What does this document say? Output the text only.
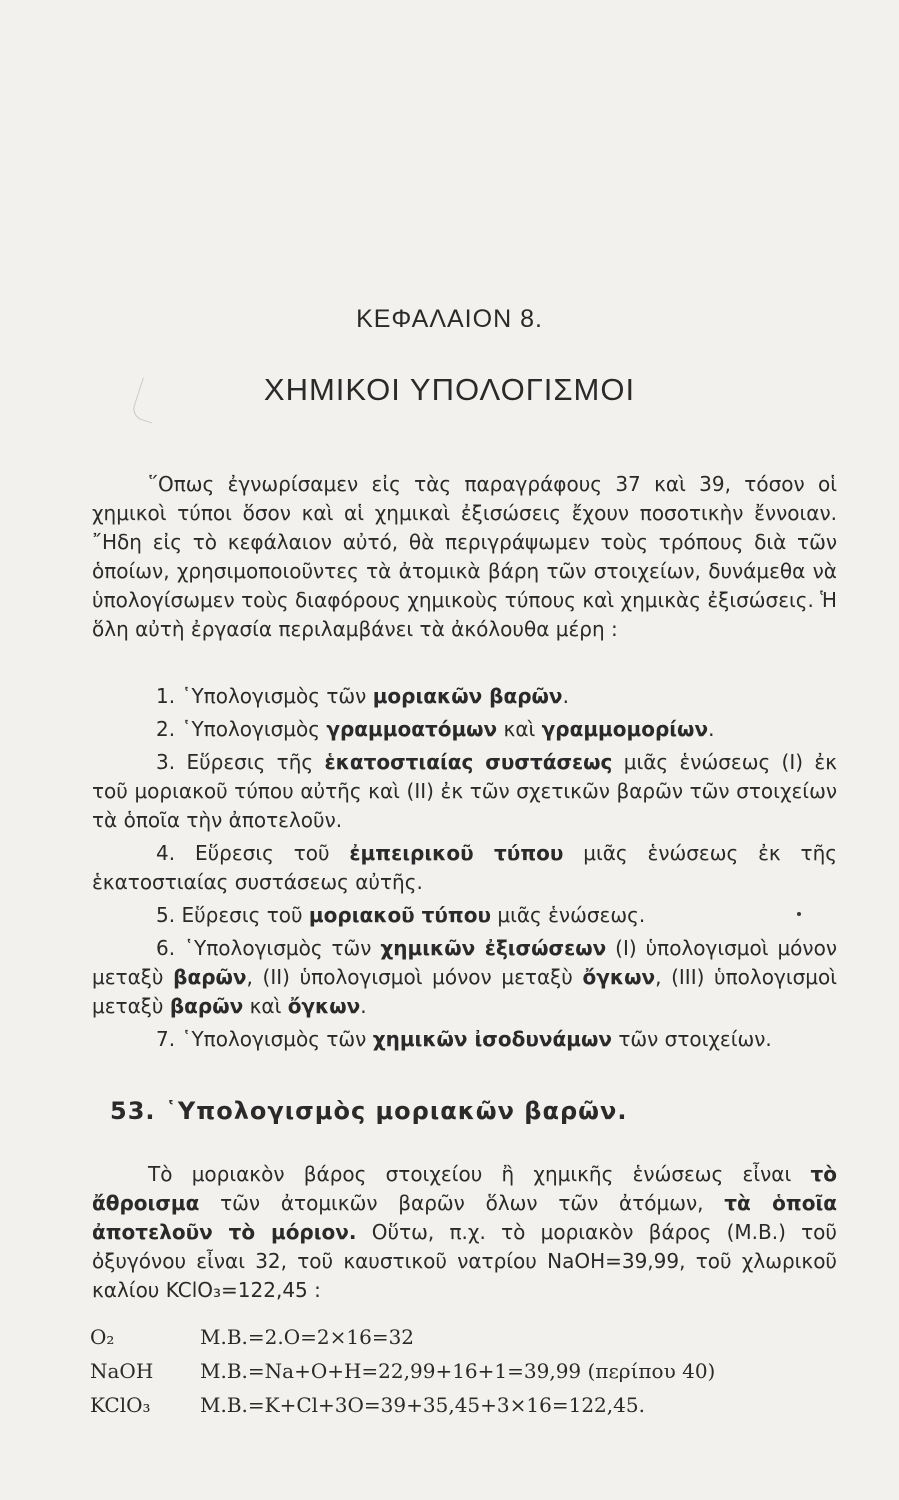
ΚΕΦΑΛΑΙΟΝ 8.
ΧΗΜΙΚΟΙ ΥΠΟΛΟΓΙΣΜΟΙ

῞Οπως ἐγνωρίσαμεν εἰς τὰς παραγράφους 37 καὶ 39, τόσον οἱ χημικοὶ τύποι ὅσον καὶ αἱ χημικαὶ ἐξισώσεις ἔχουν ποσοτικὴν ἔννοιαν. ῎Ηδη εἰς τὸ κεφάλαιον αὐτό, θὰ περιγράψωμεν τοὺς τρόπους διὰ τῶν ὁποίων, χρησιμοποιοῦντες τὰ ἀτομικὰ βάρη τῶν στοιχείων, δυνάμεθα νὰ ὑπολογίσωμεν τοὺς διαφόρους χημικοὺς τύπους καὶ χημικὰς ἐξισώσεις. Ἡ ὅλη αὐτὴ ἐργασία περιλαμβάνει τὰ ἀκόλουθα μέρη :

1. ῾Υπολογισμὸς τῶν μοριακῶν βαρῶν.

2. ῾Υπολογισμὸς γραμμοατόμων καὶ γραμμομορίων.

3. Εὕρεσις τῆς ἑκατοστιαίας συστάσεως μιᾶς ἑνώσεως (I) ἐκ τοῦ μοριακοῦ τύπου αὐτῆς καὶ (II) ἐκ τῶν σχετικῶν βαρῶν τῶν στοιχείων τὰ ὁποῖα τὴν ἀποτελοῦν.

4. Εὕρεσις τοῦ ἐμπειρικοῦ τύπου μιᾶς ἑνώσεως ἐκ τῆς ἑκατοστιαίας συστάσεως αὐτῆς.

5. Εὕρεσις τοῦ μοριακοῦ τύπου μιᾶς ἑνώσεως.

6. ῾Υπολογισμὸς τῶν χημικῶν ἐξισώσεων (I) ὑπολογισμοὶ μόνον μεταξὺ βαρῶν, (II) ὑπολογισμοὶ μόνον μεταξὺ ὄγκων, (III) ὑπολογισμοὶ μεταξὺ βαρῶν καὶ ὄγκων.

7. ῾Υπολογισμὸς τῶν χημικῶν ἰσοδυνάμων τῶν στοιχείων.

53. ῾Υπολογισμὸς μοριακῶν βαρῶν.

Τὸ μοριακὸν βάρος στοιχείου ἢ χημικῆς ἑνώσεως εἶναι τὸ ἄθροισμα τῶν ἀτομικῶν βαρῶν ὅλων τῶν ἀτόμων, τὰ ὁποῖα ἀποτελοῦν τὸ μόριον. Οὕτω, π.χ. τὸ μοριακὸν βάρος (Μ.Β.) τοῦ ὀξυγόνου εἶναι 32, τοῦ καυστικοῦ νατρίου NaOH=39,99, τοῦ χλωρικοῦ καλίου KClO₃=122,45 :

O₂	Μ.Β.=2.O=2×16=32
NaOH	Μ.Β.=Na+O+H=22,99+16+1=39,99 (περίπου 40)
KClO₃	Μ.Β.=K+Cl+3O=39+35,45+3×16=122,45.
